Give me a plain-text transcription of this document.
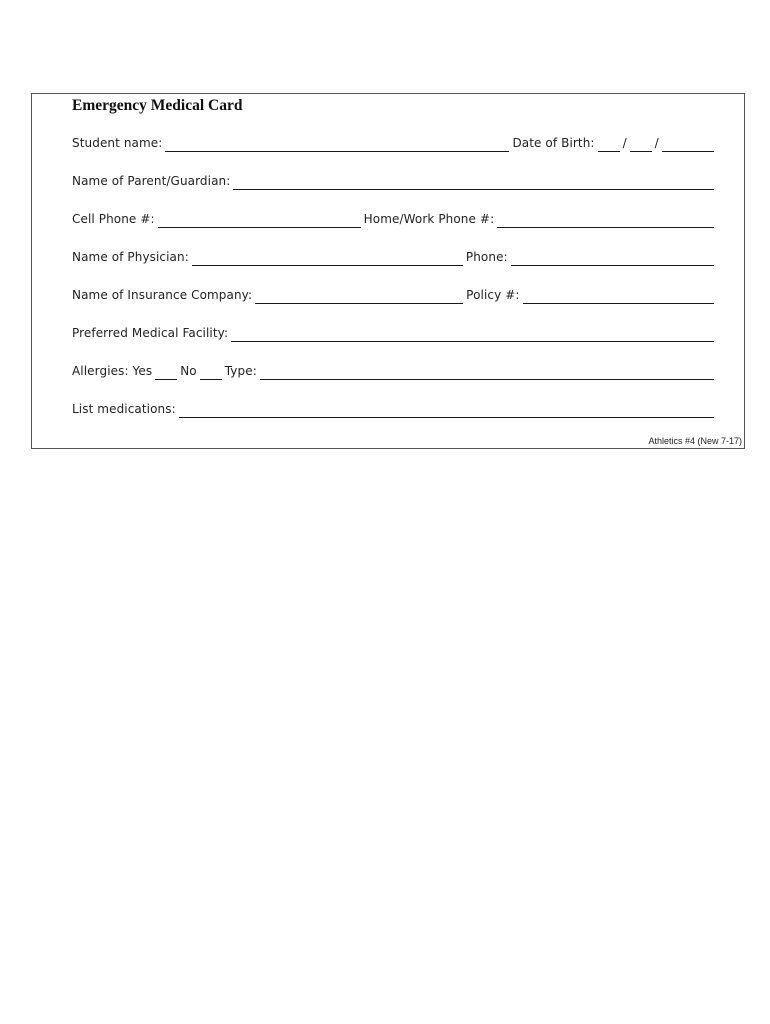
Emergency Medical Card
Student name:	Date of Birth: / /
Name of Parent/Guardian:
Cell Phone #:	Home/Work Phone #:
Name of Physician:	Phone:
Name of Insurance Company:	Policy #:
Preferred Medical Facility:
Allergies: Yes No Type:
List medications:
Athletics #4 (New 7-17)
